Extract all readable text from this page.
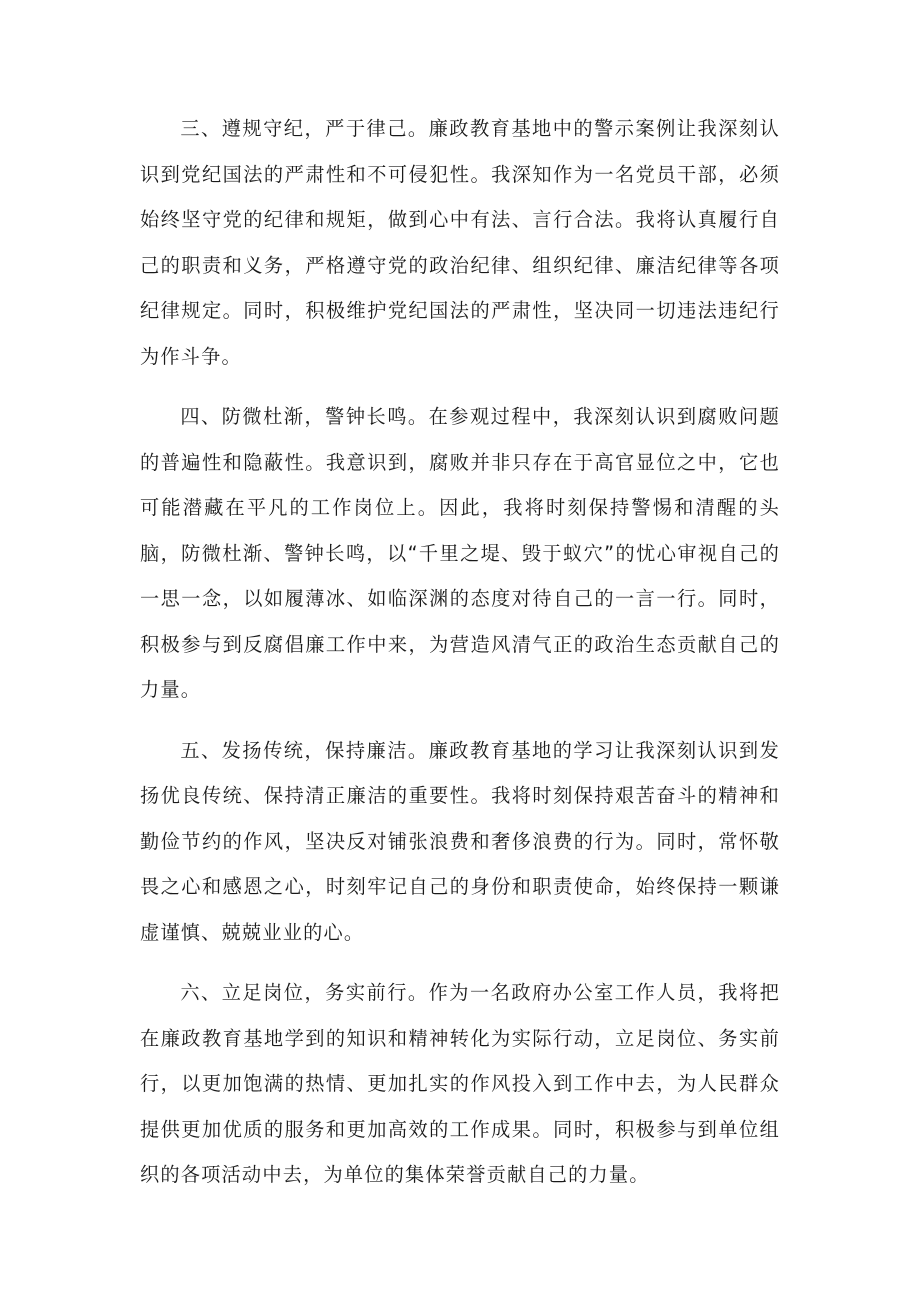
三、遵规守纪，严于律己。廉政教育基地中的警示案例让我深刻认识到党纪国法的严肃性和不可侵犯性。我深知作为一名党员干部，必须始终坚守党的纪律和规矩，做到心中有法、言行合法。我将认真履行自己的职责和义务，严格遵守党的政治纪律、组织纪律、廉洁纪律等各项纪律规定。同时，积极维护党纪国法的严肃性，坚决同一切违法违纪行为作斗争。

四、防微杜渐，警钟长鸣。在参观过程中，我深刻认识到腐败问题的普遍性和隐蔽性。我意识到，腐败并非只存在于高官显位之中，它也可能潜藏在平凡的工作岗位上。因此，我将时刻保持警惕和清醒的头脑，防微杜渐、警钟长鸣，以“千里之堤、毁于蚁穴”的忧心审视自己的一思一念，以如履薄冰、如临深渊的态度对待自己的一言一行。同时，积极参与到反腐倡廉工作中来，为营造风清气正的政治生态贡献自己的力量。

五、发扬传统，保持廉洁。廉政教育基地的学习让我深刻认识到发扬优良传统、保持清正廉洁的重要性。我将时刻保持艰苦奋斗的精神和勤俭节约的作风，坚决反对铺张浪费和奢侈浪费的行为。同时，常怀敬畏之心和感恩之心，时刻牢记自己的身份和职责使命，始终保持一颗谦虚谨慎、兢兢业业的心。

六、立足岗位，务实前行。作为一名政府办公室工作人员，我将把在廉政教育基地学到的知识和精神转化为实际行动，立足岗位、务实前行，以更加饱满的热情、更加扎实的作风投入到工作中去，为人民群众提供更加优质的服务和更加高效的工作成果。同时，积极参与到单位组织的各项活动中去，为单位的集体荣誉贡献自己的力量。
